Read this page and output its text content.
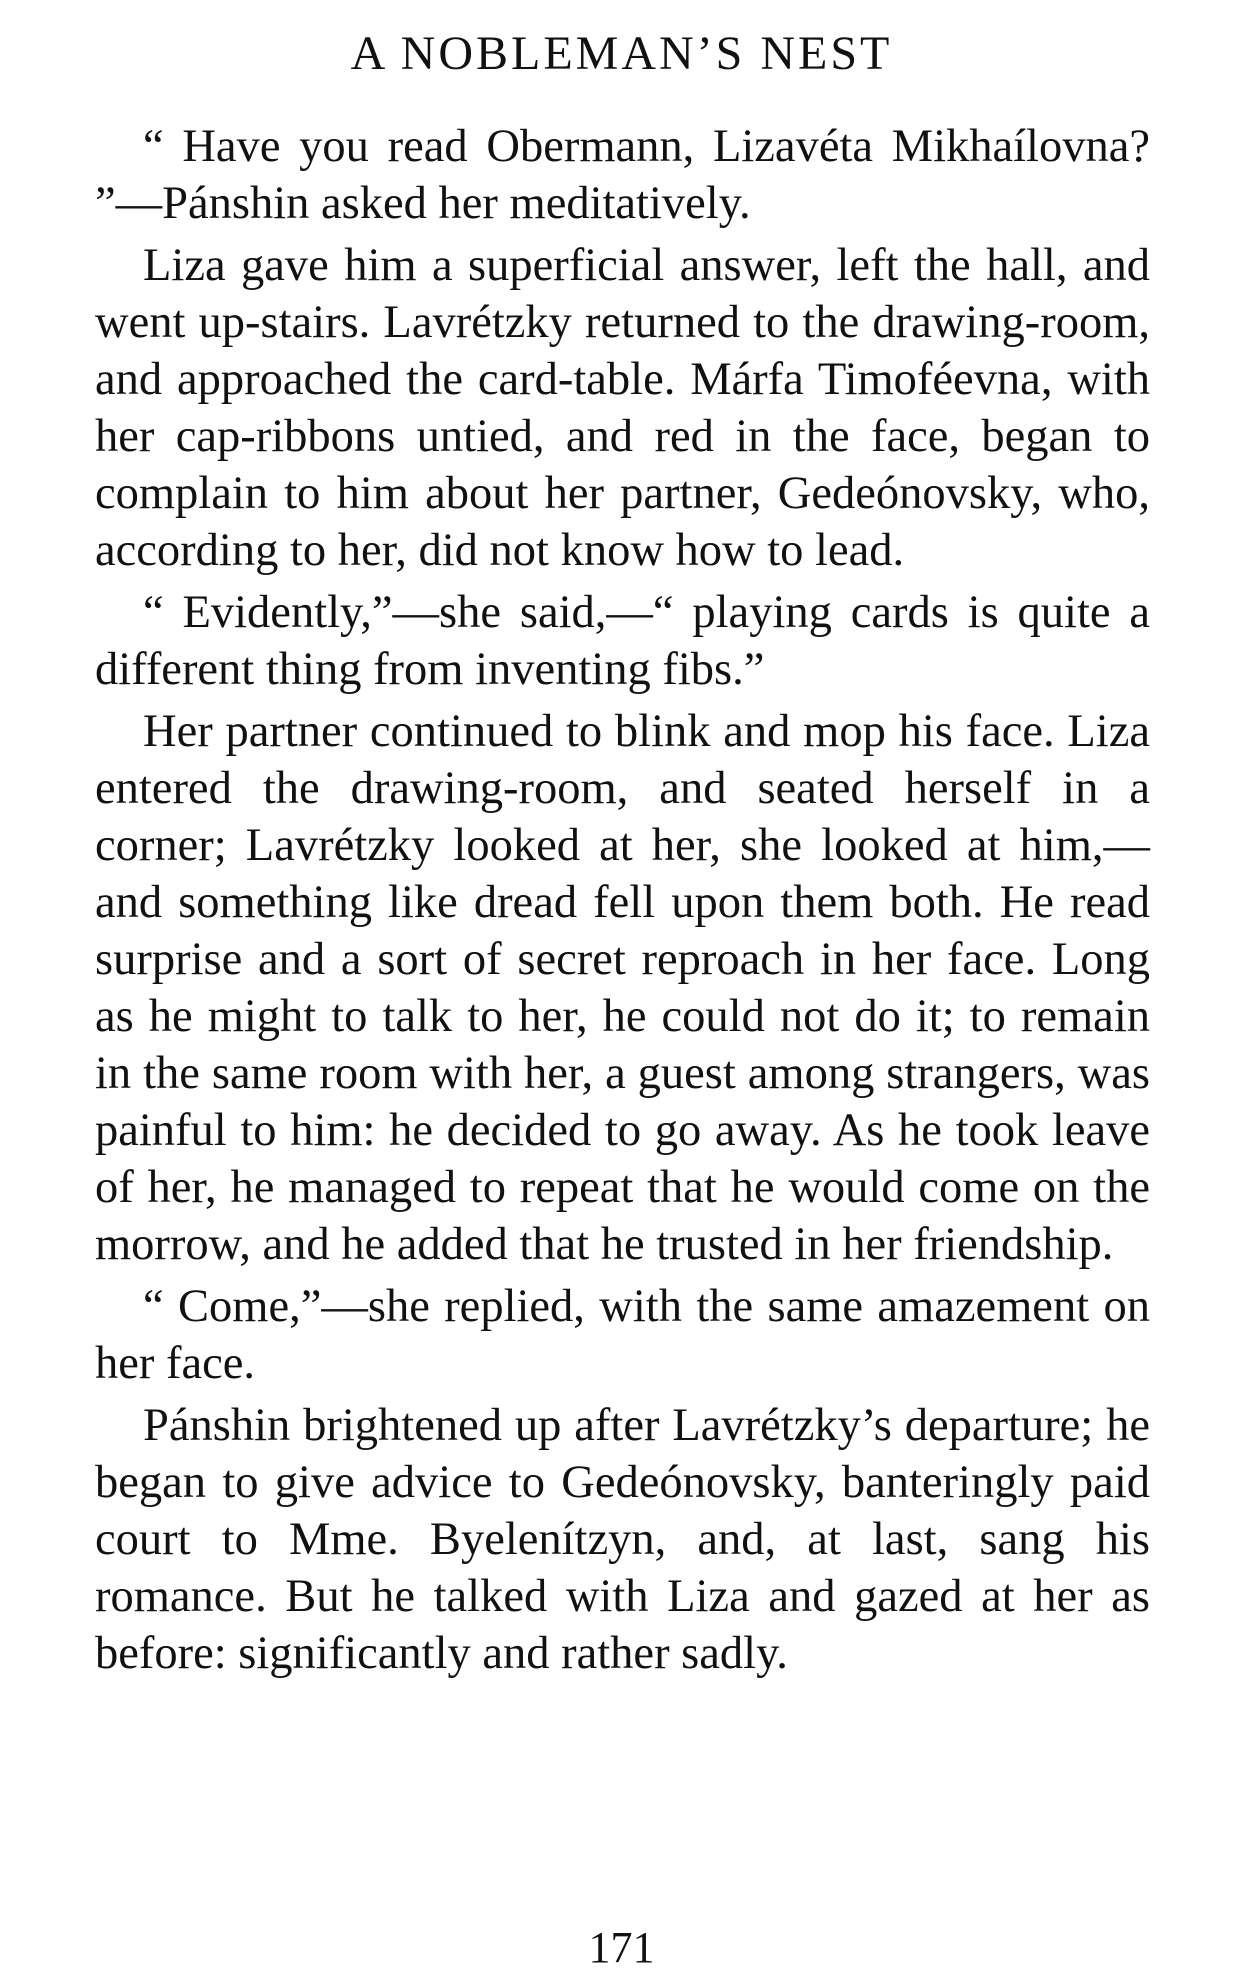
A NOBLEMAN’S NEST

“ Have you read Obermann, Lizavéta Mikhaílovna? ”—Pánshin asked her meditatively.

Liza gave him a superficial answer, left the hall, and went up-stairs. Lavrétzky returned to the drawing-room, and approached the card-table. Márfa Timoféevna, with her cap-ribbons untied, and red in the face, began to complain to him about her partner, Gedeónovsky, who, according to her, did not know how to lead.

“ Evidently,”—she said,—“ playing cards is quite a different thing from inventing fibs.”

Her partner continued to blink and mop his face. Liza entered the drawing-room, and seated herself in a corner; Lavrétzky looked at her, she looked at him,—and something like dread fell upon them both. He read surprise and a sort of secret reproach in her face. Long as he might to talk to her, he could not do it; to remain in the same room with her, a guest among strangers, was painful to him: he decided to go away. As he took leave of her, he managed to repeat that he would come on the morrow, and he added that he trusted in her friendship.

“ Come,”—she replied, with the same amazement on her face.

Pánshin brightened up after Lavrétzky’s departure; he began to give advice to Gedeónovsky, banteringly paid court to Mme. Byelenítzyn, and, at last, sang his romance. But he talked with Liza and gazed at her as before: significantly and rather sadly.

171
